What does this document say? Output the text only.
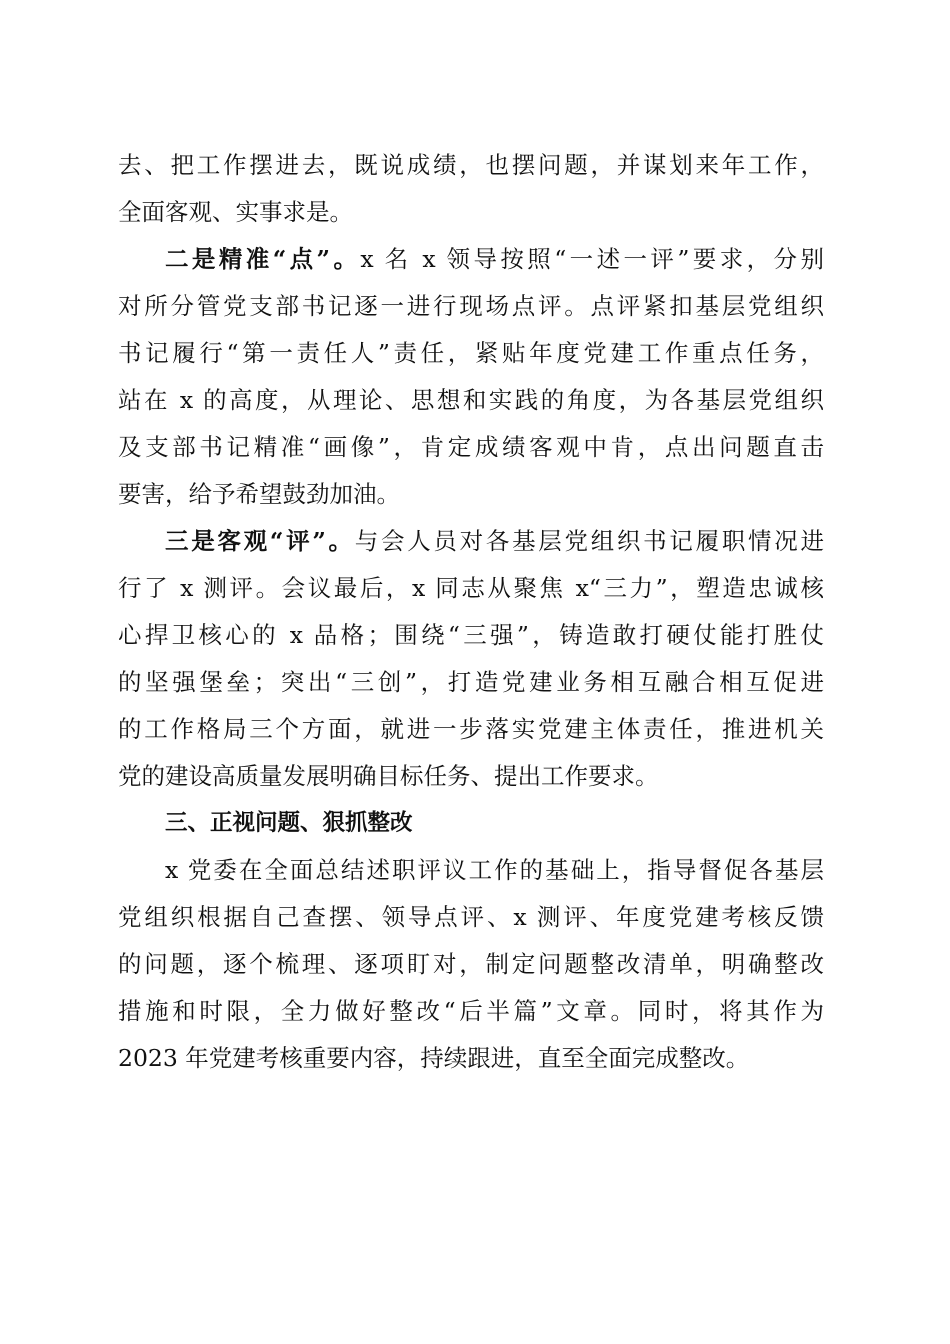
去、把工作摆进去，既说成绩，也摆问题，并谋划来年工作，
全面客观、实事求是。
二是精准“点”。x 名 x 领导按照“一述一评”要求，分别
对所分管党支部书记逐一进行现场点评。点评紧扣基层党组织
书记履行“第一责任人”责任，紧贴年度党建工作重点任务，
站在 x 的高度，从理论、思想和实践的角度，为各基层党组织
及支部书记精准“画像”，肯定成绩客观中肯，点出问题直击
要害，给予希望鼓劲加油。
三是客观“评”。与会人员对各基层党组织书记履职情况进
行了 x 测评。会议最后，x 同志从聚焦 x“三力”，塑造忠诚核
心捍卫核心的 x 品格；围绕“三强”，铸造敢打硬仗能打胜仗
的坚强堡垒；突出“三创”，打造党建业务相互融合相互促进
的工作格局三个方面，就进一步落实党建主体责任，推进机关
党的建设高质量发展明确目标任务、提出工作要求。
三、正视问题、狠抓整改
x 党委在全面总结述职评议工作的基础上，指导督促各基层
党组织根据自己查摆、领导点评、x 测评、年度党建考核反馈
的问题，逐个梳理、逐项盯对，制定问题整改清单，明确整改
措施和时限，全力做好整改“后半篇”文章。同时，将其作为
2023 年党建考核重要内容，持续跟进，直至全面完成整改。
